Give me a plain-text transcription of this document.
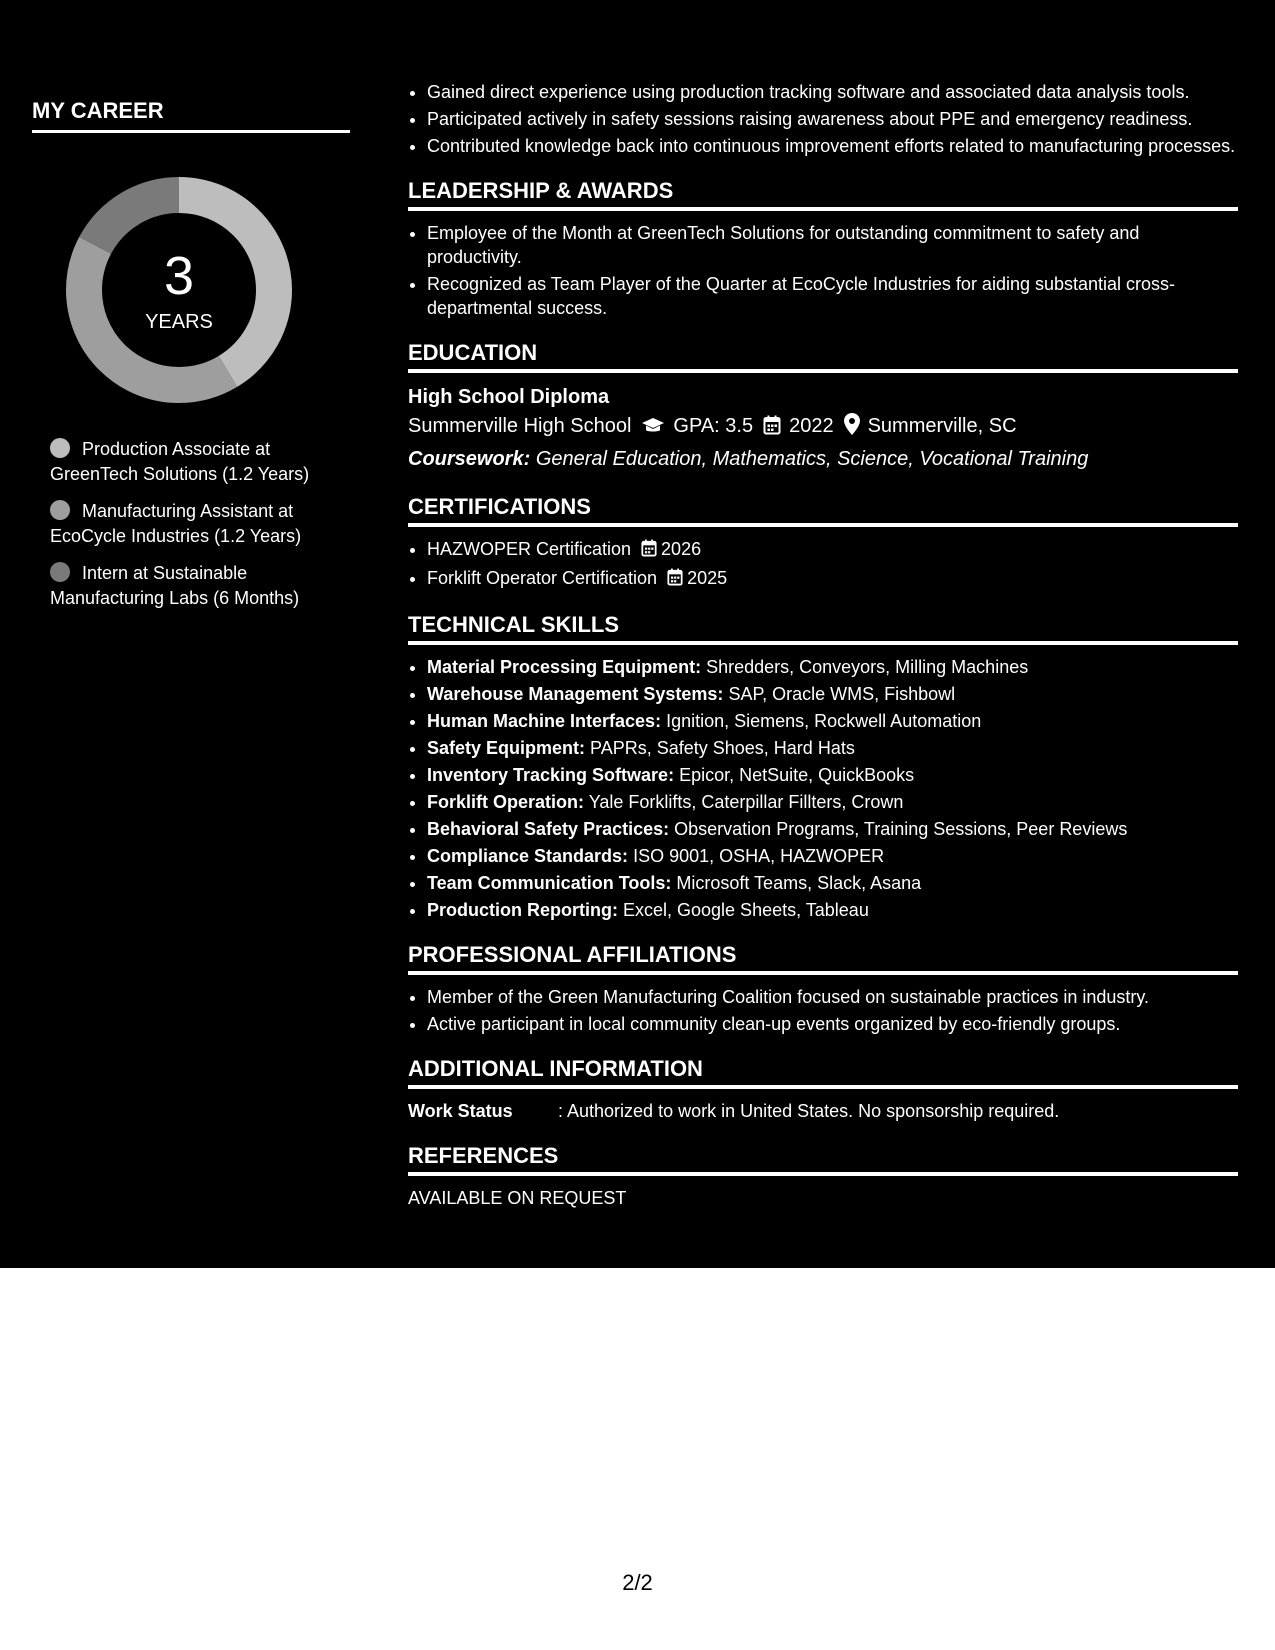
MY CAREER
3
YEARS
Production Associate at GreenTech Solutions (1.2 Years)
Manufacturing Assistant at EcoCycle Industries (1.2 Years)
Intern at Sustainable Manufacturing Labs (6 Months)
• Gained direct experience using production tracking software and associated data analysis tools.
• Participated actively in safety sessions raising awareness about PPE and emergency readiness.
• Contributed knowledge back into continuous improvement efforts related to manufacturing processes.
LEADERSHIP & AWARDS
• Employee of the Month at GreenTech Solutions for outstanding commitment to safety and productivity.
• Recognized as Team Player of the Quarter at EcoCycle Industries for aiding substantial cross-departmental success.
EDUCATION
High School Diploma
Summerville High School GPA: 3.5 2022 Summerville, SC
Coursework: General Education, Mathematics, Science, Vocational Training
CERTIFICATIONS
• HAZWOPER Certification 2026
• Forklift Operator Certification 2025
TECHNICAL SKILLS
• Material Processing Equipment: Shredders, Conveyors, Milling Machines
• Warehouse Management Systems: SAP, Oracle WMS, Fishbowl
• Human Machine Interfaces: Ignition, Siemens, Rockwell Automation
• Safety Equipment: PAPRs, Safety Shoes, Hard Hats
• Inventory Tracking Software: Epicor, NetSuite, QuickBooks
• Forklift Operation: Yale Forklifts, Caterpillar Fillters, Crown
• Behavioral Safety Practices: Observation Programs, Training Sessions, Peer Reviews
• Compliance Standards: ISO 9001, OSHA, HAZWOPER
• Team Communication Tools: Microsoft Teams, Slack, Asana
• Production Reporting: Excel, Google Sheets, Tableau
PROFESSIONAL AFFILIATIONS
• Member of the Green Manufacturing Coalition focused on sustainable practices in industry.
• Active participant in local community clean-up events organized by eco-friendly groups.
ADDITIONAL INFORMATION
Work Status	: Authorized to work in United States. No sponsorship required.
REFERENCES
AVAILABLE ON REQUEST
2/2
